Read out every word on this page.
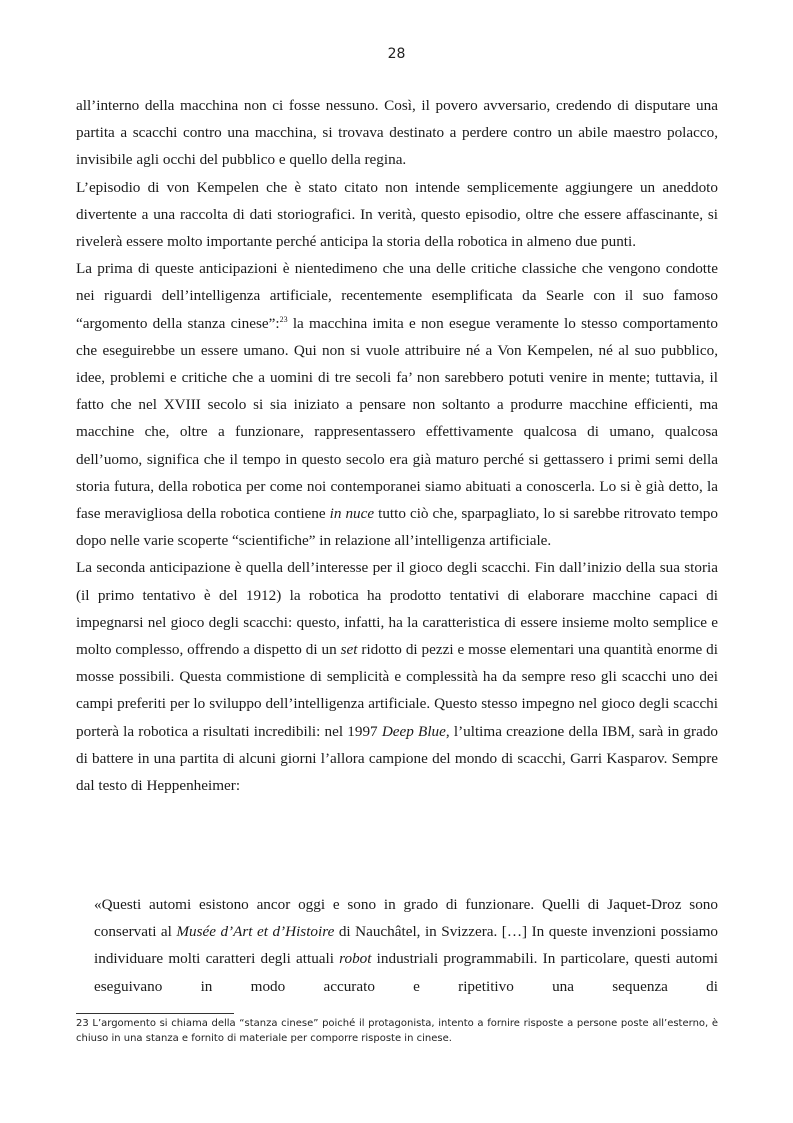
28

all’interno della macchina non ci fosse nessuno. Così, il povero avversario, credendo di disputare una partita a scacchi contro una macchina, si trovava destinato a perdere contro un abile maestro polacco, invisibile agli occhi del pubblico e quello della regina.

L’episodio di von Kempelen che è stato citato non intende semplicemente aggiungere un aneddoto divertente a una raccolta di dati storiografici. In verità, questo episodio, oltre che essere affascinante, si rivelerà essere molto importante perché anticipa la storia della robotica in almeno due punti.

La prima di queste anticipazioni è nientedimeno che una delle critiche classiche che vengono condotte nei riguardi dell’intelligenza artificiale, recentemente esemplificata da Searle con il suo famoso “argomento della stanza cinese”:$^{23}$ la macchina imita e non esegue veramente lo stesso comportamento che eseguirebbe un essere umano. Qui non si vuole attribuire né a Von Kempelen, né al suo pubblico, idee, problemi e critiche che a uomini di tre secoli fa’ non sarebbero potuti venire in mente; tuttavia, il fatto che nel XVIII secolo si sia iniziato a pensare non soltanto a produrre macchine efficienti, ma macchine che, oltre a funzionare, rappresentassero effettivamente qualcosa di umano, qualcosa dell’uomo, significa che il tempo in questo secolo era già maturo perché si gettassero i primi semi della storia futura, della robotica per come noi contemporanei siamo abituati a conoscerla. Lo si è già detto, la fase meravigliosa della robotica contiene in nuce tutto ciò che, sparpagliato, lo si sarebbe ritrovato tempo dopo nelle varie scoperte “scientifiche” in relazione all’intelligenza artificiale.

La seconda anticipazione è quella dell’interesse per il gioco degli scacchi. Fin dall’inizio della sua storia (il primo tentativo è del 1912) la robotica ha prodotto tentativi di elaborare macchine capaci di impegnarsi nel gioco degli scacchi: questo, infatti, ha la caratteristica di essere insieme molto semplice e molto complesso, offrendo a dispetto di un set ridotto di pezzi e mosse elementari una quantità enorme di mosse possibili. Questa commistione di semplicità e complessità ha da sempre reso gli scacchi uno dei campi preferiti per lo sviluppo dell’intelligenza artificiale. Questo stesso impegno nel gioco degli scacchi porterà la robotica a risultati incredibili: nel 1997 Deep Blue, l’ultima creazione della IBM, sarà in grado di battere in una partita di alcuni giorni l’allora campione del mondo di scacchi, Garri Kasparov. Sempre dal testo di Heppenheimer:

«Questi automi esistono ancor oggi e sono in grado di funzionare. Quelli di Jaquet-Droz sono conservati al Musée d’Art et d’Histoire di Nauchâtel, in Svizzera. […] In queste invenzioni possiamo individuare molti caratteri degli attuali robot industriali programmabili. In particolare, questi automi eseguivano in modo accurato e ripetitivo una sequenza di

23 L’argomento si chiama della “stanza cinese” poiché il protagonista, intento a fornire risposte a persone poste all’esterno, è chiuso in una stanza e fornito di materiale per comporre risposte in cinese.
